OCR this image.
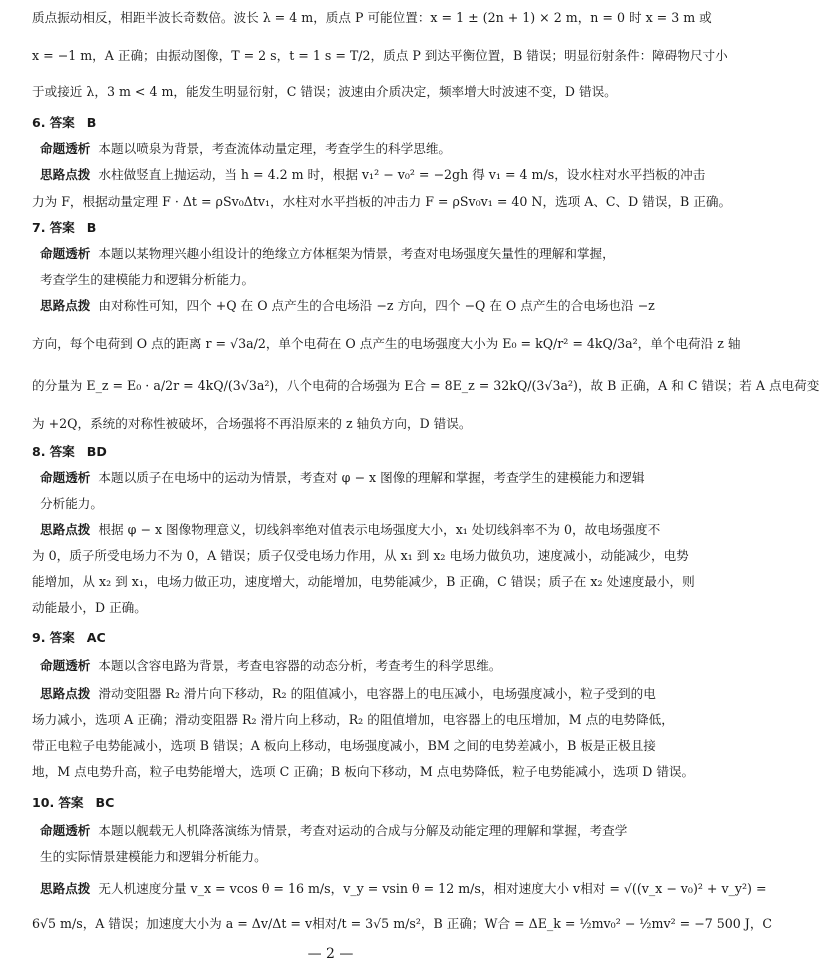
质点振动相反，相距半波长奇数倍。波长 λ = 4 m，质点 P 可能位置：x = 1 ± (2n + 1) × 2 m，n = 0 时 x = 3 m 或
x = −1 m，A 正确；由振动图像，T = 2 s，t = 1 s = T/2，质点 P 到达平衡位置，B 错误；明显衍射条件：障碍物尺寸小
于或接近 λ，3 m < 4 m，能发生明显衍射，C 错误；波速由介质决定，频率增大时波速不变，D 错误。
6. 答案 B
命题透析 本题以喷泉为背景，考查流体动量定理，考查学生的科学思维。
思路点拨 水柱做竖直上抛运动，当 h = 4.2 m 时，根据 v₁² − v₀² = −2gh 得 v₁ = 4 m/s，设水柱对水平挡板的冲击
力为 F，根据动量定理 F · Δt = ρSv₀Δtv₁，水柱对水平挡板的冲击力 F = ρSv₀v₁ = 40 N，选项 A、C、D 错误，B 正确。
7. 答案 B
命题透析 本题以某物理兴趣小组设计的绝缘立方体框架为情景，考查对电场强度矢量性的理解和掌握，
考查学生的建模能力和逻辑分析能力。
思路点拨 由对称性可知，四个 +Q 在 O 点产生的合电场沿 −z 方向，四个 −Q 在 O 点产生的合电场也沿 −z
方向，每个电荷到 O 点的距离 r = √3a/2，单个电荷在 O 点产生的电场强度大小为 E₀ = kQ/r² = 4kQ/3a²，单个电荷沿 z 轴
的分量为 E_z = E₀ · a/2r = 4kQ/(3√3a²)，八个电荷的合场强为 E合 = 8E_z = 32kQ/(3√3a²)，故 B 正确，A 和 C 错误；若 A 点电荷变
为 +2Q，系统的对称性被破坏，合场强将不再沿原来的 z 轴负方向，D 错误。
8. 答案 BD
命题透析 本题以质子在电场中的运动为情景，考查对 φ − x 图像的理解和掌握，考查学生的建模能力和逻辑
分析能力。
思路点拨 根据 φ − x 图像物理意义，切线斜率绝对值表示电场强度大小，x₁ 处切线斜率不为 0，故电场强度不
为 0，质子所受电场力不为 0，A 错误；质子仅受电场力作用，从 x₁ 到 x₂ 电场力做负功，速度减小，动能减少，电势
能增加，从 x₂ 到 x₁，电场力做正功，速度增大，动能增加，电势能减少，B 正确，C 错误；质子在 x₂ 处速度最小，则
动能最小，D 正确。
9. 答案 AC
命题透析 本题以含容电路为背景，考查电容器的动态分析，考查考生的科学思维。
思路点拨 滑动变阻器 R₂ 滑片向下移动，R₂ 的阻值减小，电容器上的电压减小，电场强度减小，粒子受到的电
场力减小，选项 A 正确；滑动变阻器 R₂ 滑片向上移动，R₂ 的阻值增加，电容器上的电压增加，M 点的电势降低，
带正电粒子电势能减小，选项 B 错误；A 板向上移动，电场强度减小，BM 之间的电势差减小，B 板是正极且接
地，M 点电势升高，粒子电势能增大，选项 C 正确；B 板向下移动，M 点电势降低，粒子电势能减小，选项 D 错误。
10. 答案 BC
命题透析 本题以舰载无人机降落演练为情景，考查对运动的合成与分解及动能定理的理解和掌握，考查学
生的实际情景建模能力和逻辑分析能力。
思路点拨 无人机速度分量 v_x = vcos θ = 16 m/s，v_y = vsin θ = 12 m/s，相对速度大小 v相对 = √((v_x − v₀)² + v_y²) =
6√5 m/s，A 错误；加速度大小为 a = Δv/Δt = v相对/t = 3√5 m/s²，B 正确；W合 = ΔE_k = ½mv₀² − ½mv² = −7 500 J，C
— 2 —
